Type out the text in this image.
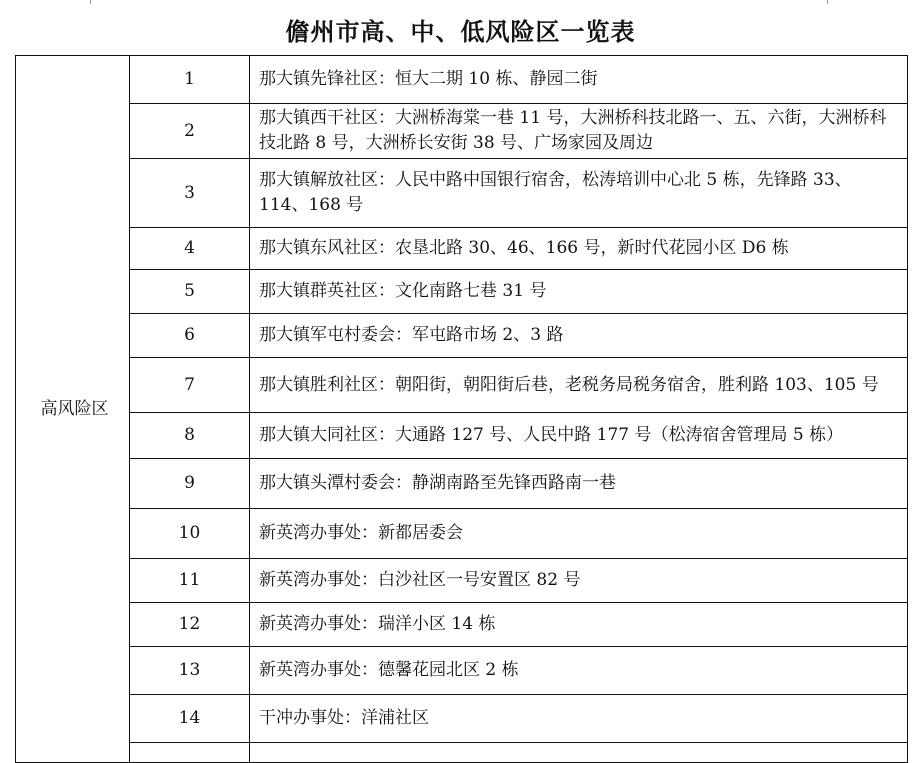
儋州市高、中、低风险区一览表
高风险区	1	那大镇先锋社区：恒大二期 10 栋、静园二街
	2	那大镇西干社区：大洲桥海棠一巷 11 号，大洲桥科技北路一、五、六街，大洲桥科技北路 8 号，大洲桥长安街 38 号、广场家园及周边
	3	那大镇解放社区：人民中路中国银行宿舍，松涛培训中心北 5 栋，先锋路 33、114、168 号
	4	那大镇东风社区：农垦北路 30、46、166 号，新时代花园小区 D6 栋
	5	那大镇群英社区：文化南路七巷 31 号
	6	那大镇军屯村委会：军屯路市场 2、3 路
	7	那大镇胜利社区：朝阳街，朝阳街后巷，老税务局税务宿舍，胜利路 103、105 号
	8	那大镇大同社区：大通路 127 号、人民中路 177 号（松涛宿舍管理局 5 栋）
	9	那大镇头潭村委会：静湖南路至先锋西路南一巷
	10	新英湾办事处：新都居委会
	11	新英湾办事处：白沙社区一号安置区 82 号
	12	新英湾办事处：瑞洋小区 14 栋
	13	新英湾办事处：德馨花园北区 2 栋
	14	干冲办事处：洋浦社区
